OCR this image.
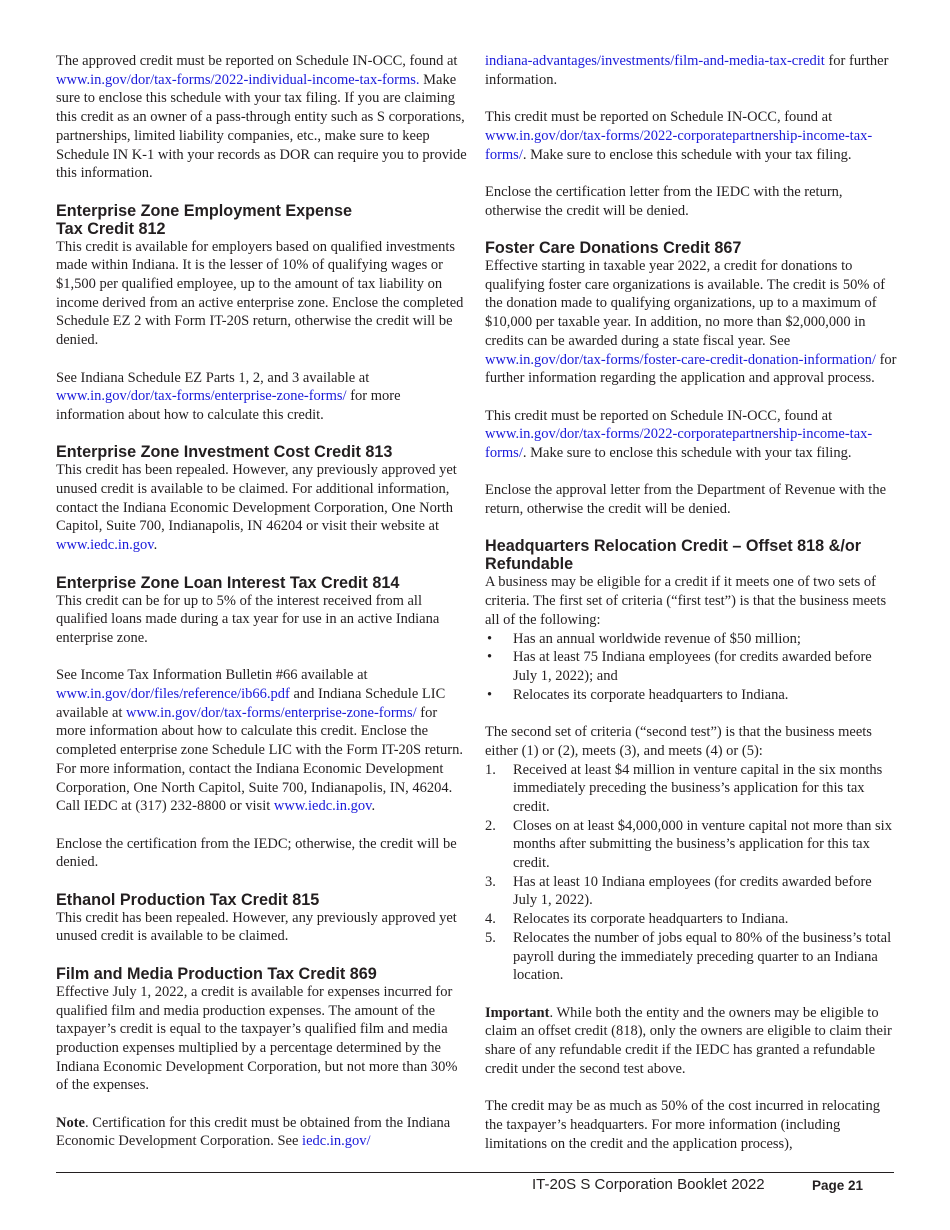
The approved credit must be reported on Schedule IN-OCC, found at www.in.gov/dor/tax-forms/2022-individual-income-tax-forms. Make sure to enclose this schedule with your tax filing. If you are claiming this credit as an owner of a pass-through entity such as S corporations, partnerships, limited liability companies, etc., make sure to keep Schedule IN K-1 with your records as DOR can require you to provide this information.

Enterprise Zone Employment Expense
Tax Credit 812

This credit is available for employers based on qualified investments made within Indiana. It is the lesser of 10% of qualifying wages or $1,500 per qualified employee, up to the amount of tax liability on income derived from an active enterprise zone. Enclose the completed Schedule EZ 2 with Form IT-20S return, otherwise the credit will be denied.

See Indiana Schedule EZ Parts 1, 2, and 3 available at www.in.gov/dor/tax-forms/enterprise-zone-forms/ for more information about how to calculate this credit.

Enterprise Zone Investment Cost Credit 813

This credit has been repealed. However, any previously approved yet unused credit is available to be claimed. For additional information, contact the Indiana Economic Development Corporation, One North Capitol, Suite 700, Indianapolis, IN 46204 or visit their website at www.iedc.in.gov.

Enterprise Zone Loan Interest Tax Credit 814

This credit can be for up to 5% of the interest received from all qualified loans made during a tax year for use in an active Indiana enterprise zone.

See Income Tax Information Bulletin #66 available at www.in.gov/dor/files/reference/ib66.pdf and Indiana Schedule LIC available at www.in.gov/dor/tax-forms/enterprise-zone-forms/ for more information about how to calculate this credit. Enclose the completed enterprise zone Schedule LIC with the Form IT-20S return. For more information, contact the Indiana Economic Development Corporation, One North Capitol, Suite 700, Indianapolis, IN, 46204. Call IEDC at (317) 232-8800 or visit www.iedc.in.gov.

Enclose the certification from the IEDC; otherwise, the credit will be denied.

Ethanol Production Tax Credit 815

This credit has been repealed. However, any previously approved yet unused credit is available to be claimed.

Film and Media Production Tax Credit 869

Effective July 1, 2022, a credit is available for expenses incurred for qualified film and media production expenses. The amount of the taxpayer’s credit is equal to the taxpayer’s qualified film and media production expenses multiplied by a percentage determined by the Indiana Economic Development Corporation, but not more than 30% of the expenses.

Note. Certification for this credit must be obtained from the Indiana Economic Development Corporation. See iedc.in.gov/

indiana-advantages/investments/film-and-media-tax-credit for further information.

This credit must be reported on Schedule IN-OCC, found at www.in.gov/dor/tax-forms/2022-corporatepartnership-income-tax-forms/. Make sure to enclose this schedule with your tax filing.

Enclose the certification letter from the IEDC with the return, otherwise the credit will be denied.

Foster Care Donations Credit 867

Effective starting in taxable year 2022, a credit for donations to qualifying foster care organizations is available. The credit is 50% of the donation made to qualifying organizations, up to a maximum of $10,000 per taxable year. In addition, no more than $2,000,000 in credits can be awarded during a state fiscal year. See www.in.gov/dor/tax-forms/foster-care-credit-donation-information/ for further information regarding the application and approval process.

This credit must be reported on Schedule IN-OCC, found at www.in.gov/dor/tax-forms/2022-corporatepartnership-income-tax-forms/. Make sure to enclose this schedule with your tax filing.

Enclose the approval letter from the Department of Revenue with the return, otherwise the credit will be denied.

Headquarters Relocation Credit – Offset 818 &/or
Refundable

A business may be eligible for a credit if it meets one of two sets of criteria. The first set of criteria (“first test”) is that the business meets all of the following:

• Has an annual worldwide revenue of $50 million;
• Has at least 75 Indiana employees (for credits awarded before July 1, 2022); and
• Relocates its corporate headquarters to Indiana.

The second set of criteria (“second test”) is that the business meets either (1) or (2), meets (3), and meets (4) or (5):

1. Received at least $4 million in venture capital in the six months immediately preceding the business’s application for this tax credit.
2. Closes on at least $4,000,000 in venture capital not more than six months after submitting the business’s application for this tax credit.
3. Has at least 10 Indiana employees (for credits awarded before July 1, 2022).
4. Relocates its corporate headquarters to Indiana.
5. Relocates the number of jobs equal to 80% of the business’s total payroll during the immediately preceding quarter to an Indiana location.

Important. While both the entity and the owners may be eligible to claim an offset credit (818), only the owners are eligible to claim their share of any refundable credit if the IEDC has granted a refundable credit under the second test above.

The credit may be as much as 50% of the cost incurred in relocating the taxpayer’s headquarters. For more information (including limitations on the credit and the application process),

IT-20S S Corporation Booklet 2022	Page 21
